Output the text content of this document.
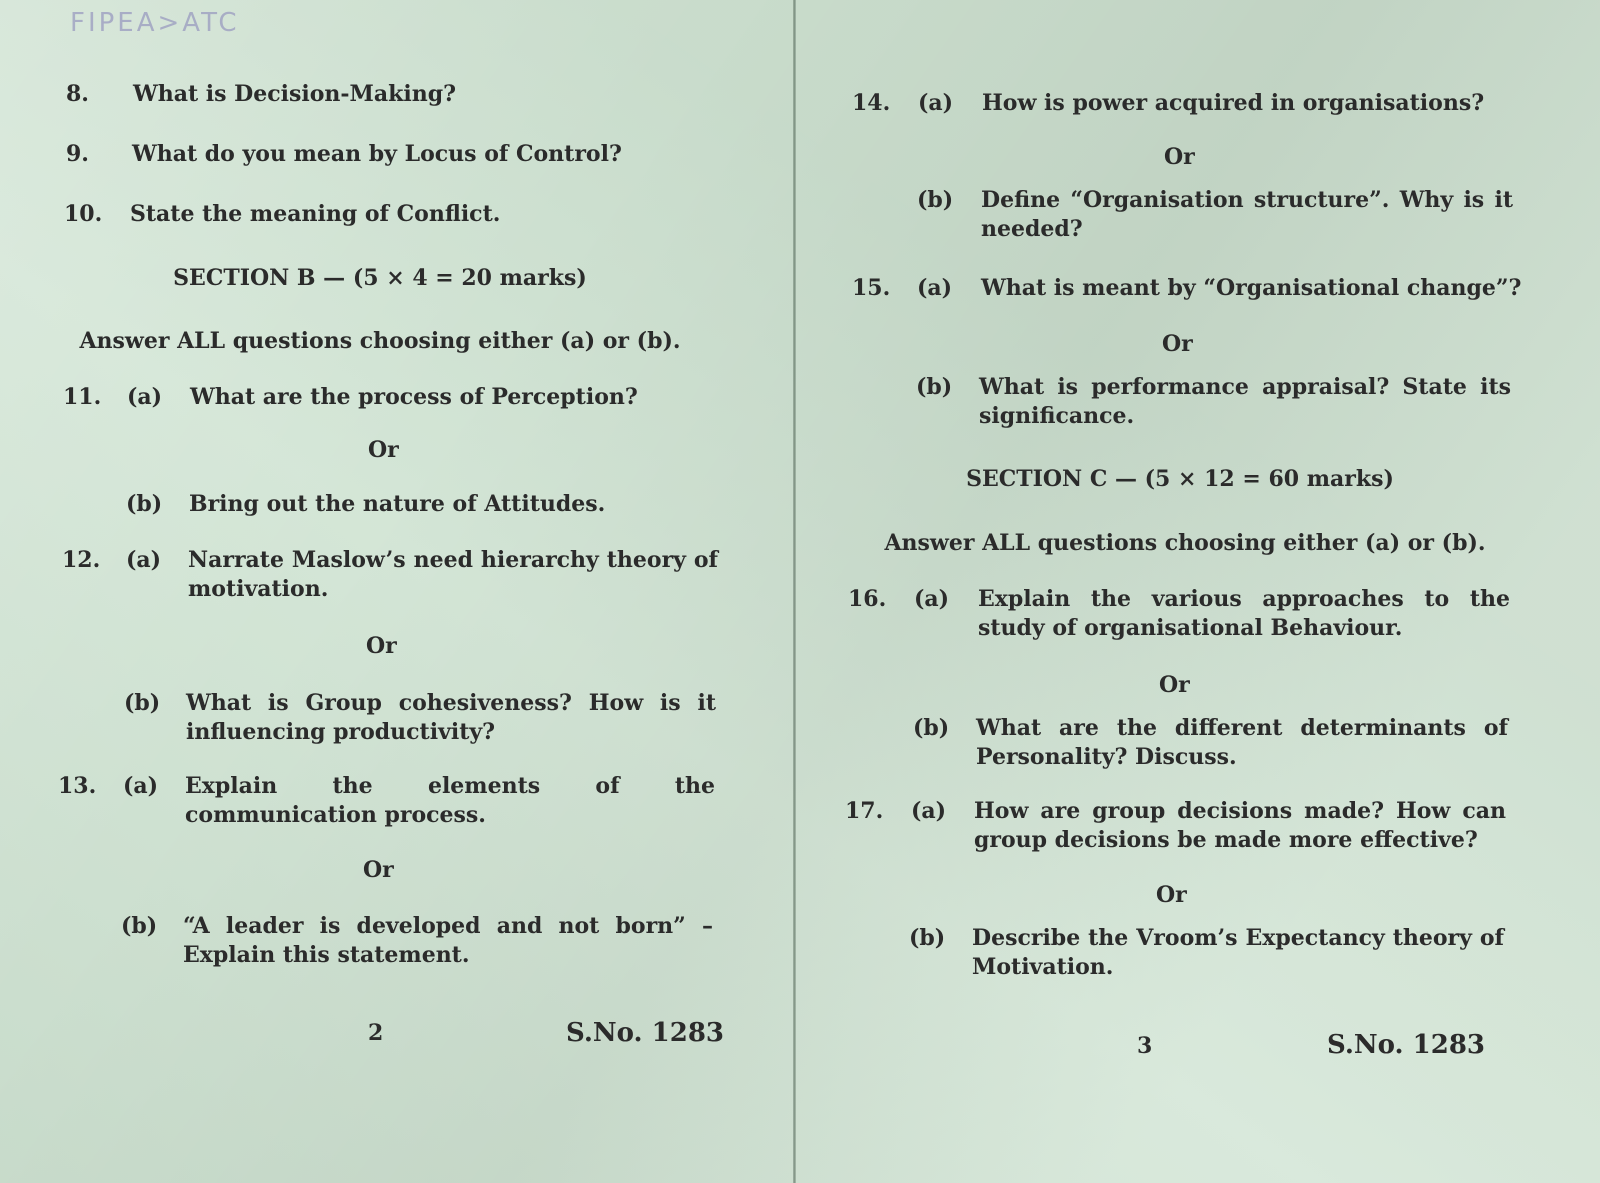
FIPEA>ATC
8. What is Decision-Making?
9. What do you mean by Locus of Control?
10. State the meaning of Conflict.
SECTION B — (5 × 4 = 20 marks)
Answer ALL questions choosing either (a) or (b).
11. (a) What are the process of Perception?
Or
(b) Bring out the nature of Attitudes.
12. (a) Narrate Maslow’s need hierarchy theory of motivation.
Or
(b) What is Group cohesiveness? How is it influencing productivity?
13. (a) Explain the elements of the communication process.
Or
(b) “A leader is developed and not born” – Explain this statement.
2	S.No. 1283
14. (a) How is power acquired in organisations?
Or
(b) Define “Organisation structure”. Why is it needed?
15. (a) What is meant by “Organisational change”?
Or
(b) What is performance appraisal? State its significance.
SECTION C — (5 × 12 = 60 marks)
Answer ALL questions choosing either (a) or (b).
16. (a) Explain the various approaches to the study of organisational Behaviour.
Or
(b) What are the different determinants of Personality? Discuss.
17. (a) How are group decisions made? How can group decisions be made more effective?
Or
(b) Describe the Vroom’s Expectancy theory of Motivation.
3	S.No. 1283
